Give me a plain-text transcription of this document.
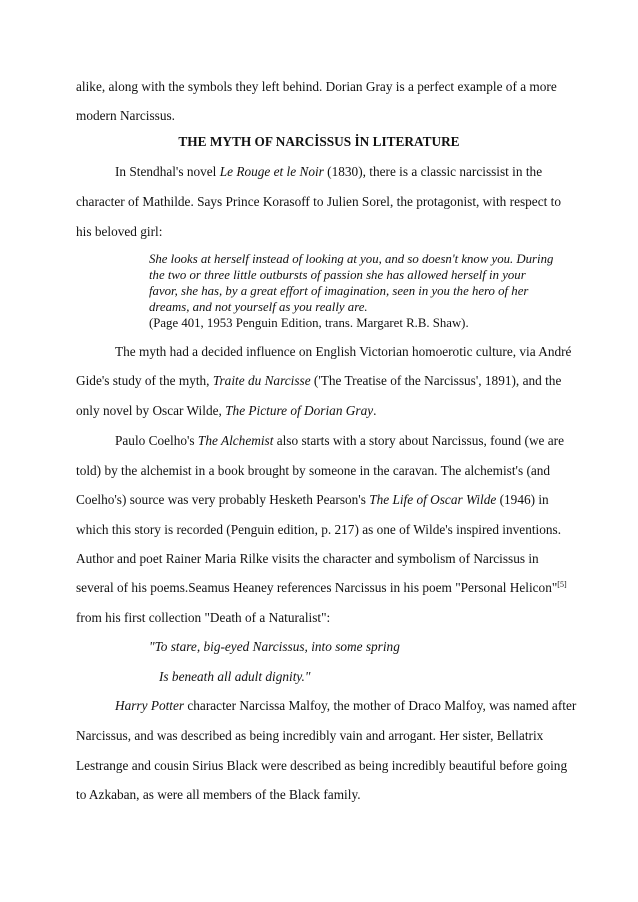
alike, along with the symbols they left behind. Dorian Gray is a perfect example of a more
modern Narcissus.
THE MYTH OF NARCİSSUS İN LITERATURE
In Stendhal's novel Le Rouge et le Noir (1830), there is a classic narcissist in the
character of Mathilde. Says Prince Korasoff to Julien Sorel, the protagonist, with respect to
his beloved girl:
She looks at herself instead of looking at you, and so doesn't know you. During
the two or three little outbursts of passion she has allowed herself in your
favor, she has, by a great effort of imagination, seen in you the hero of her
dreams, and not yourself as you really are.
(Page 401, 1953 Penguin Edition, trans. Margaret R.B. Shaw).
The myth had a decided influence on English Victorian homoerotic culture, via André
Gide's study of the myth, Traite du Narcisse ('The Treatise of the Narcissus', 1891), and the
only novel by Oscar Wilde, The Picture of Dorian Gray.
Paulo Coelho's The Alchemist also starts with a story about Narcissus, found (we are
told) by the alchemist in a book brought by someone in the caravan. The alchemist's (and
Coelho's) source was very probably Hesketh Pearson's The Life of Oscar Wilde (1946) in
which this story is recorded (Penguin edition, p. 217) as one of Wilde's inspired inventions.
Author and poet Rainer Maria Rilke visits the character and symbolism of Narcissus in
several of his poems.Seamus Heaney references Narcissus in his poem "Personal Helicon"[5]
from his first collection "Death of a Naturalist":
"To stare, big-eyed Narcissus, into some spring
Is beneath all adult dignity."
Harry Potter character Narcissa Malfoy, the mother of Draco Malfoy, was named after
Narcissus, and was described as being incredibly vain and arrogant. Her sister, Bellatrix
Lestrange and cousin Sirius Black were described as being incredibly beautiful before going
to Azkaban, as were all members of the Black family.
